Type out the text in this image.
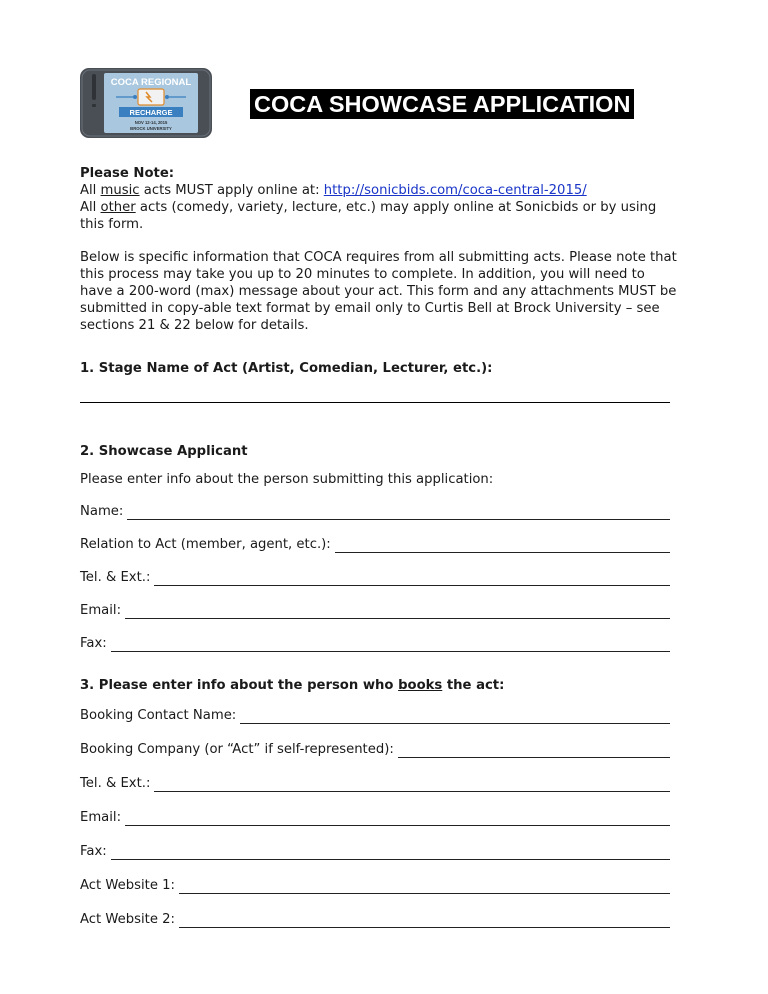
COCA REGIONAL
RECHARGE
NOV 12-14, 2015
BROCK UNIVERSITY
COCA SHOWCASE APPLICATION
Please Note:
All music acts MUST apply online at: http://sonicbids.com/coca-central-2015/
All other acts (comedy, variety, lecture, etc.) may apply online at Sonicbids or by using
this form.
Below is specific information that COCA requires from all submitting acts. Please note that
this process may take you up to 20 minutes to complete. In addition, you will need to
have a 200-word (max) message about your act. This form and any attachments MUST be
submitted in copy-able text format by email only to Curtis Bell at Brock University – see
sections 21 & 22 below for details.
1. Stage Name of Act (Artist, Comedian, Lecturer, etc.):
2. Showcase Applicant
Please enter info about the person submitting this application:
Name:
Relation to Act (member, agent, etc.):
Tel. & Ext.:
Email:
Fax:
3. Please enter info about the person who books the act:
Booking Contact Name:
Booking Company (or “Act” if self-represented):
Tel. & Ext.:
Email:
Fax:
Act Website 1:
Act Website 2:
